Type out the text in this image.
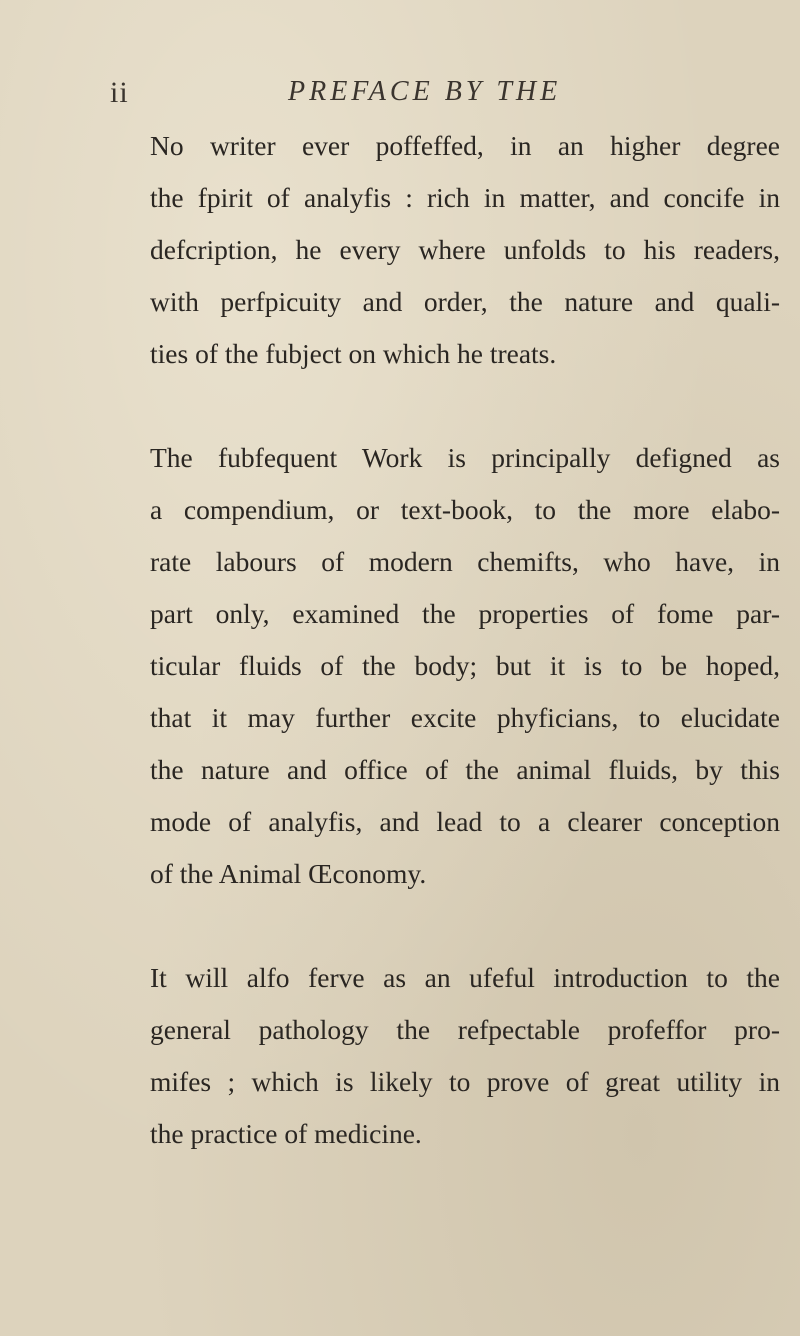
ii	PREFACE BY THE
No writer ever poffeffed, in an higher degree
the fpirit of analyfis : rich in matter, and concife in
defcription, he every where unfolds to his readers,
with perfpicuity and order, the nature and quali-
ties of the fubject on which he treats.
The fubfequent Work is principally defigned as
a compendium, or text-book, to the more elabo-
rate labours of modern chemifts, who have, in
part only, examined the properties of fome par-
ticular fluids of the body; but it is to be hoped,
that it may further excite phyficians, to elucidate
the nature and office of the animal fluids, by this
mode of analyfis, and lead to a clearer conception
of the Animal Œconomy.
It will alfo ferve as an ufeful introduction to the
general pathology the refpectable profeffor pro-
mifes ; which is likely to prove of great utility in
the practice of medicine.
